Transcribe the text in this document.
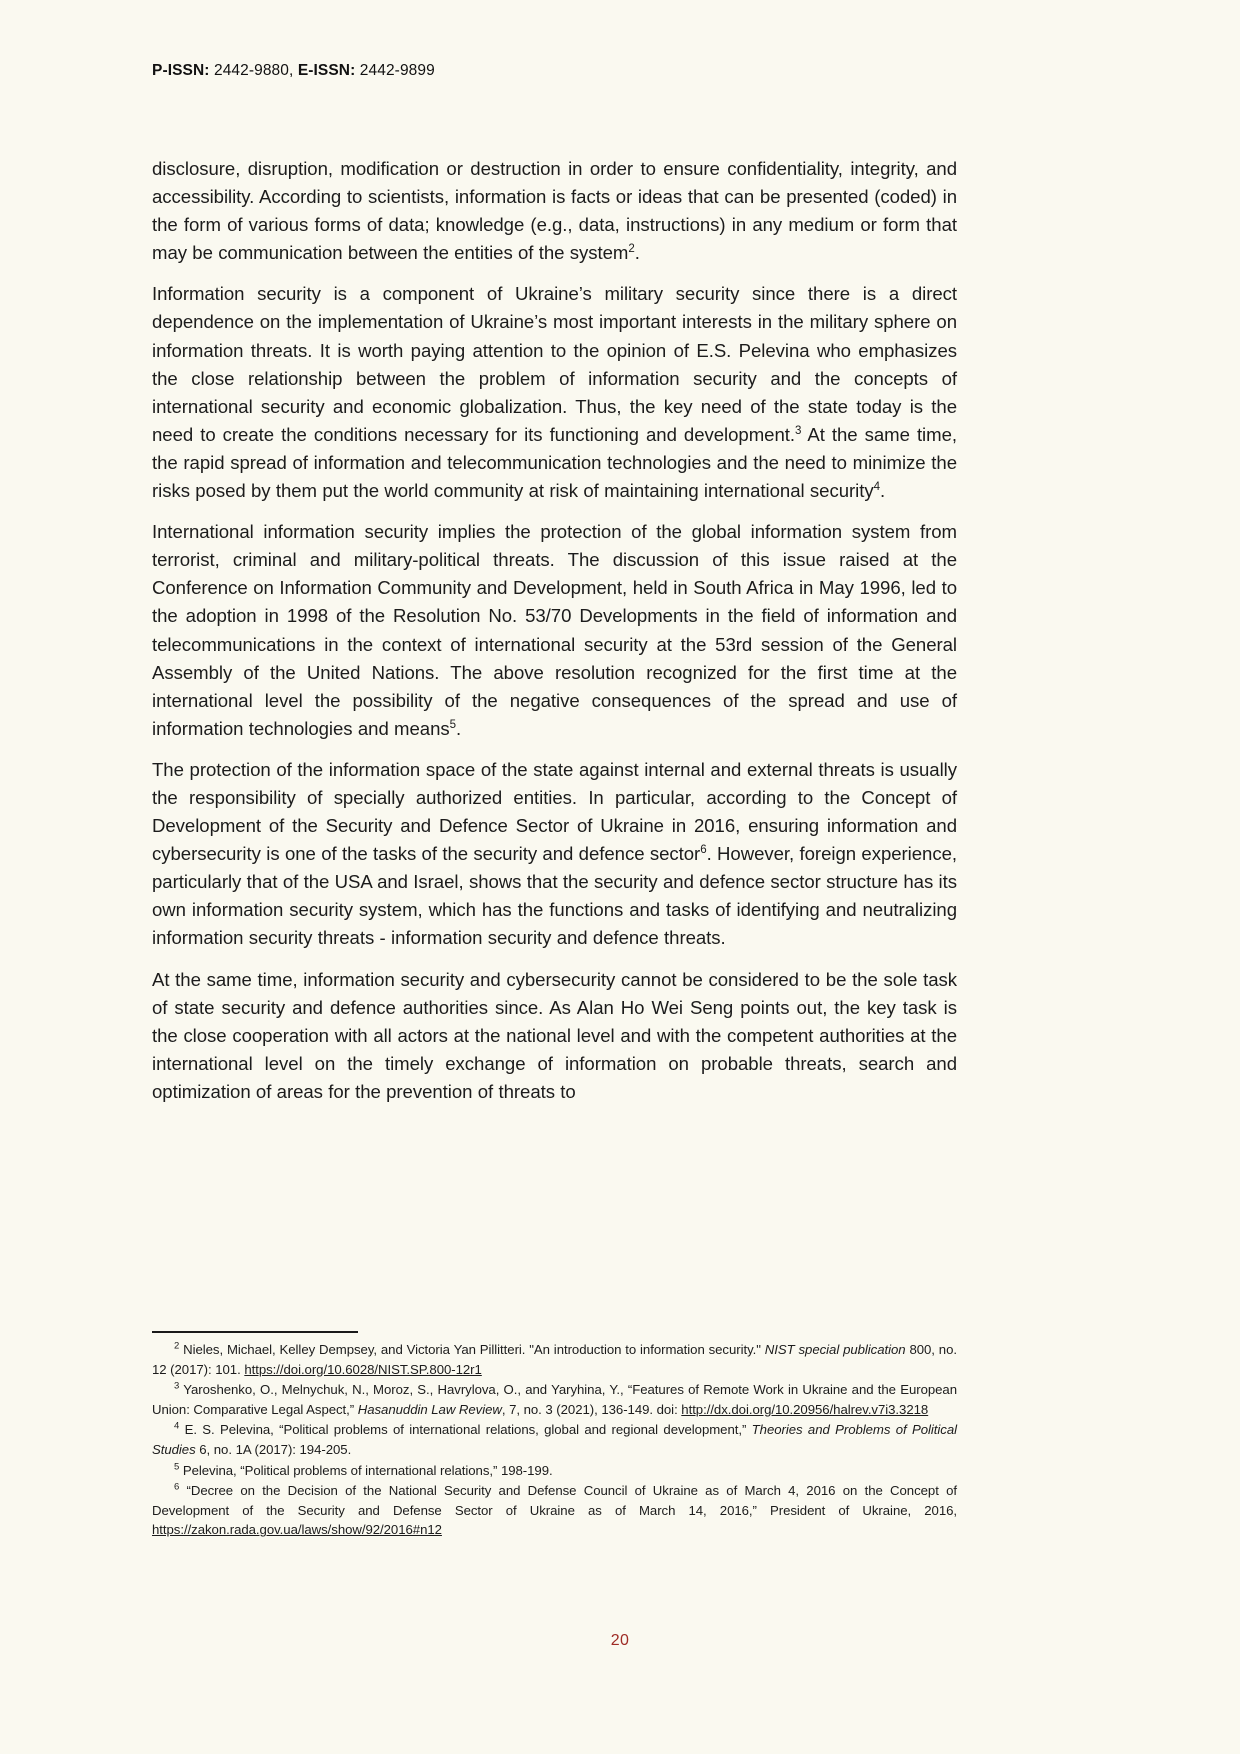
P-ISSN: 2442-9880, E-ISSN: 2442-9899

disclosure, disruption, modification or destruction in order to ensure confidentiality, integrity, and accessibility. According to scientists, information is facts or ideas that can be presented (coded) in the form of various forms of data; knowledge (e.g., data, instructions) in any medium or form that may be communication between the entities of the system$^2$.

Information security is a component of Ukraine’s military security since there is a direct dependence on the implementation of Ukraine’s most important interests in the military sphere on information threats. It is worth paying attention to the opinion of E.S. Pelevina who emphasizes the close relationship between the problem of information security and the concepts of international security and economic globalization. Thus, the key need of the state today is the need to create the conditions necessary for its functioning and development.$^3$ At the same time, the rapid spread of information and telecommunication technologies and the need to minimize the risks posed by them put the world community at risk of maintaining international security$^4$.

International information security implies the protection of the global information system from terrorist, criminal and military-political threats. The discussion of this issue raised at the Conference on Information Community and Development, held in South Africa in May 1996, led to the adoption in 1998 of the Resolution No. 53/70 Developments in the field of information and telecommunications in the context of international security at the 53rd session of the General Assembly of the United Nations. The above resolution recognized for the first time at the international level the possibility of the negative consequences of the spread and use of information technologies and means$^5$.

The protection of the information space of the state against internal and external threats is usually the responsibility of specially authorized entities. In particular, according to the Concept of Development of the Security and Defence Sector of Ukraine in 2016, ensuring information and cybersecurity is one of the tasks of the security and defence sector$^6$. However, foreign experience, particularly that of the USA and Israel, shows that the security and defence sector structure has its own information security system, which has the functions and tasks of identifying and neutralizing information security threats - information security and defence threats.

At the same time, information security and cybersecurity cannot be considered to be the sole task of state security and defence authorities since. As Alan Ho Wei Seng points out, the key task is the close cooperation with all actors at the national level and with the competent authorities at the international level on the timely exchange of information on probable threats, search and optimization of areas for the prevention of threats to

$^2$ Nieles, Michael, Kelley Dempsey, and Victoria Yan Pillitteri. "An introduction to information security." NIST special publication 800, no. 12 (2017): 101. https://doi.org/10.6028/NIST.SP.800-12r1

$^3$ Yaroshenko, O., Melnychuk, N., Moroz, S., Havrylova, O., and Yaryhina, Y., “Features of Remote Work in Ukraine and the European Union: Comparative Legal Aspect,” Hasanuddin Law Review, 7, no. 3 (2021), 136-149. doi: http://dx.doi.org/10.20956/halrev.v7i3.3218

$^4$ E. S. Pelevina, “Political problems of international relations, global and regional development,” Theories and Problems of Political Studies 6, no. 1A (2017): 194-205.

$^5$ Pelevina, “Political problems of international relations,” 198-199.

$^6$ “Decree on the Decision of the National Security and Defense Council of Ukraine as of March 4, 2016 on the Concept of Development of the Security and Defense Sector of Ukraine as of March 14, 2016,” President of Ukraine, 2016, https://zakon.rada.gov.ua/laws/show/92/2016#n12

20
